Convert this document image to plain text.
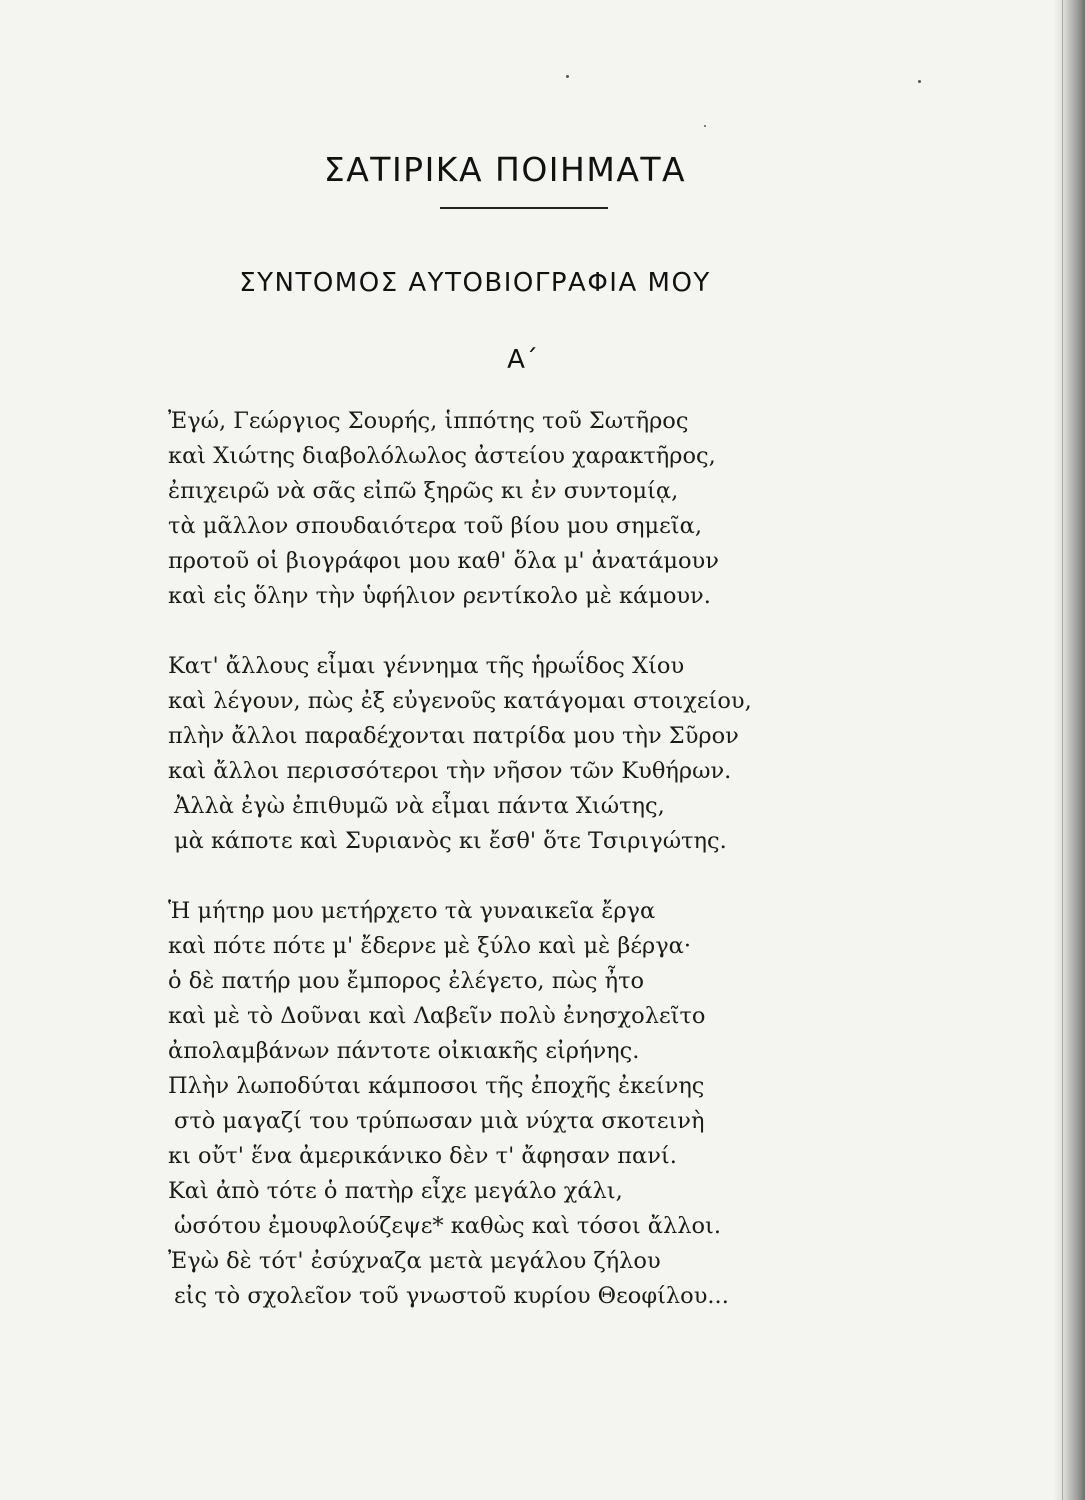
ΣΑΤΙΡΙΚΑ ΠΟΙΗΜΑΤΑ
ΣΥΝΤΟΜΟΣ ΑΥΤΟΒΙΟΓΡΑΦΙΑ ΜΟΥ
Α΄
Ἐγώ, Γεώργιος Σουρής, ἱππότης τοῦ Σωτῆρος
καὶ Χιώτης διαβολόλωλος ἀστείου χαρακτῆρος,
ἐπιχειρῶ νὰ σᾶς εἰπῶ ξηρῶς κι ἐν συντομίᾳ,
τὰ μᾶλλον σπουδαιότερα τοῦ βίου μου σημεῖα,
προτοῦ οἱ βιογράφοι μου καθ' ὅλα μ' ἀνατάμουν
καὶ εἰς ὅλην τὴν ὑφήλιον ρεντίκολο μὲ κάμουν.
Κατ' ἄλλους εἶμαι γέννημα τῆς ἡρωΐδος Χίου
καὶ λέγουν, πὼς ἐξ εὐγενοῦς κατάγομαι στοιχείου,
πλὴν ἄλλοι παραδέχονται πατρίδα μου τὴν Σῦρον
καὶ ἄλλοι περισσότεροι τὴν νῆσον τῶν Κυθήρων.
Ἀλλὰ ἐγὼ ἐπιθυμῶ νὰ εἶμαι πάντα Χιώτης,
μὰ κάποτε καὶ Συριανὸς κι ἔσθ' ὅτε Τσιριγώτης.
Ἡ μήτηρ μου μετήρχετο τὰ γυναικεῖα ἔργα
καὶ πότε πότε μ' ἔδερνε μὲ ξύλο καὶ μὲ βέργα·
ὁ δὲ πατήρ μου ἔμπορος ἐλέγετο, πὼς ἦτο
καὶ μὲ τὸ Δοῦναι καὶ Λαβεῖν πολὺ ἐνησχολεῖτο
ἀπολαμβάνων πάντοτε οἰκιακῆς εἰρήνης.
Πλὴν λωποδύται κάμποσοι τῆς ἐποχῆς ἐκείνης
στὸ μαγαζί του τρύπωσαν μιὰ νύχτα σκοτεινὴ
κι οὔτ' ἕνα ἀμερικάνικο δὲν τ' ἄφησαν πανί.
Καὶ ἀπὸ τότε ὁ πατὴρ εἶχε μεγάλο χάλι,
ὡσότου ἐμουφλούζεψε* καθὼς καὶ τόσοι ἄλλοι.
Ἐγὼ δὲ τότ' ἐσύχναζα μετὰ μεγάλου ζήλου
εἰς τὸ σχολεῖον τοῦ γνωστοῦ κυρίου Θεοφίλου...
